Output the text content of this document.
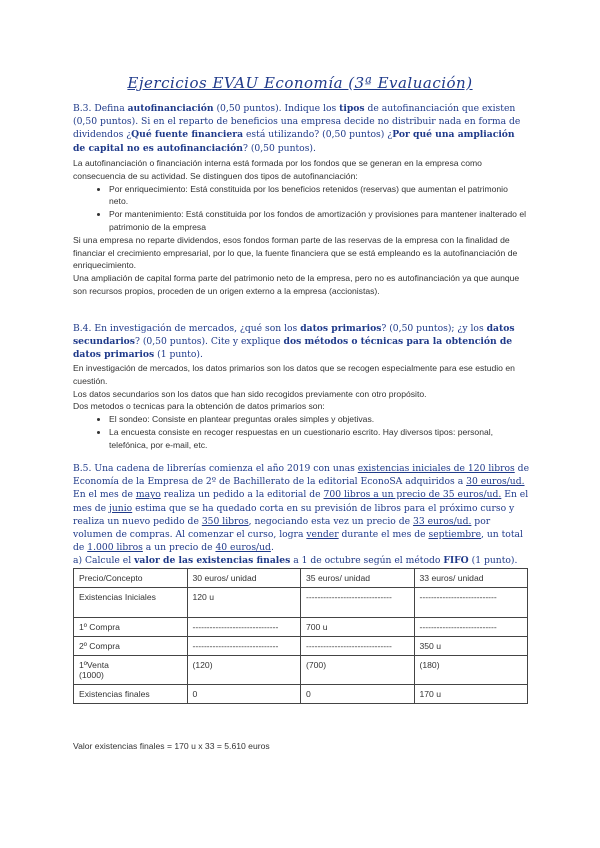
Ejercicios EVAU Economía (3ª Evaluación)
B.3. Defina autofinanciación (0,50 puntos). Indique los tipos de autofinanciación que existen (0,50 puntos). Si en el reparto de beneficios una empresa decide no distribuir nada en forma de dividendos ¿Qué fuente financiera está utilizando? (0,50 puntos) ¿Por qué una ampliación de capital no es autofinanciación? (0,50 puntos).
La autofinanciación o financiación interna está formada por los fondos que se generan en la empresa como consecuencia de su actividad. Se distinguen dos tipos de autofinanciación:
• Por enriquecimiento: Está constituida por los beneficios retenidos (reservas) que aumentan el patrimonio neto.
• Por mantenimiento: Está constituida por los fondos de amortización y provisiones para mantener inalterado el patrimonio de la empresa
Si una empresa no reparte dividendos, esos fondos forman parte de las reservas de la empresa con la finalidad de financiar el crecimiento empresarial, por lo que, la fuente financiera que se está empleando es la autofinanciación de enriquecimiento.
Una ampliación de capital forma parte del patrimonio neto de la empresa, pero no es autofinanciación ya que aunque son recursos propios, proceden de un origen externo a la empresa (accionistas).
B.4. En investigación de mercados, ¿qué son los datos primarios? (0,50 puntos); ¿y los datos secundarios? (0,50 puntos). Cite y explique dos métodos o técnicas para la obtención de datos primarios (1 punto).
En investigación de mercados, los datos primarios son los datos que se recogen especialmente para ese estudio en cuestión.
Los datos secundarios son los datos que han sido recogidos previamente con otro propósito.
Dos metodos o tecnicas para la obtención de datos primarios son:
• El sondeo: Consiste en plantear preguntas orales simples y objetivas.
• La encuesta consiste en recoger respuestas en un cuestionario escrito. Hay diversos tipos: personal, telefónica, por e-mail, etc.
B.5. Una cadena de librerías comienza el año 2019 con unas existencias iniciales de 120 libros de Economía de la Empresa de 2º de Bachillerato de la editorial EconoSA adquiridos a 30 euros/ud. En el mes de mayo realiza un pedido a la editorial de 700 libros a un precio de 35 euros/ud. En el mes de junio estima que se ha quedado corta en su previsión de libros para el próximo curso y realiza un nuevo pedido de 350 libros, negociando esta vez un precio de 33 euros/ud. por volumen de compras. Al comenzar el curso, logra vender durante el mes de septiembre, un total de 1.000 libros a un precio de 40 euros/ud.
a) Calcule el valor de las existencias finales a 1 de octubre según el método FIFO (1 punto).
Precio/Concepto	30 euros/ unidad	35 euros/ unidad	33 euros/ unidad
Existencias Iniciales	120 u	------------------------------	---------------------------
1º Compra	------------------------------	700 u	---------------------------
2º Compra	------------------------------	------------------------------	350 u
1ºVenta
(1000)	(120)	(700)	(180)
Existencias finales	0	0	170 u
Valor existencias finales = 170 u x 33 = 5.610 euros
